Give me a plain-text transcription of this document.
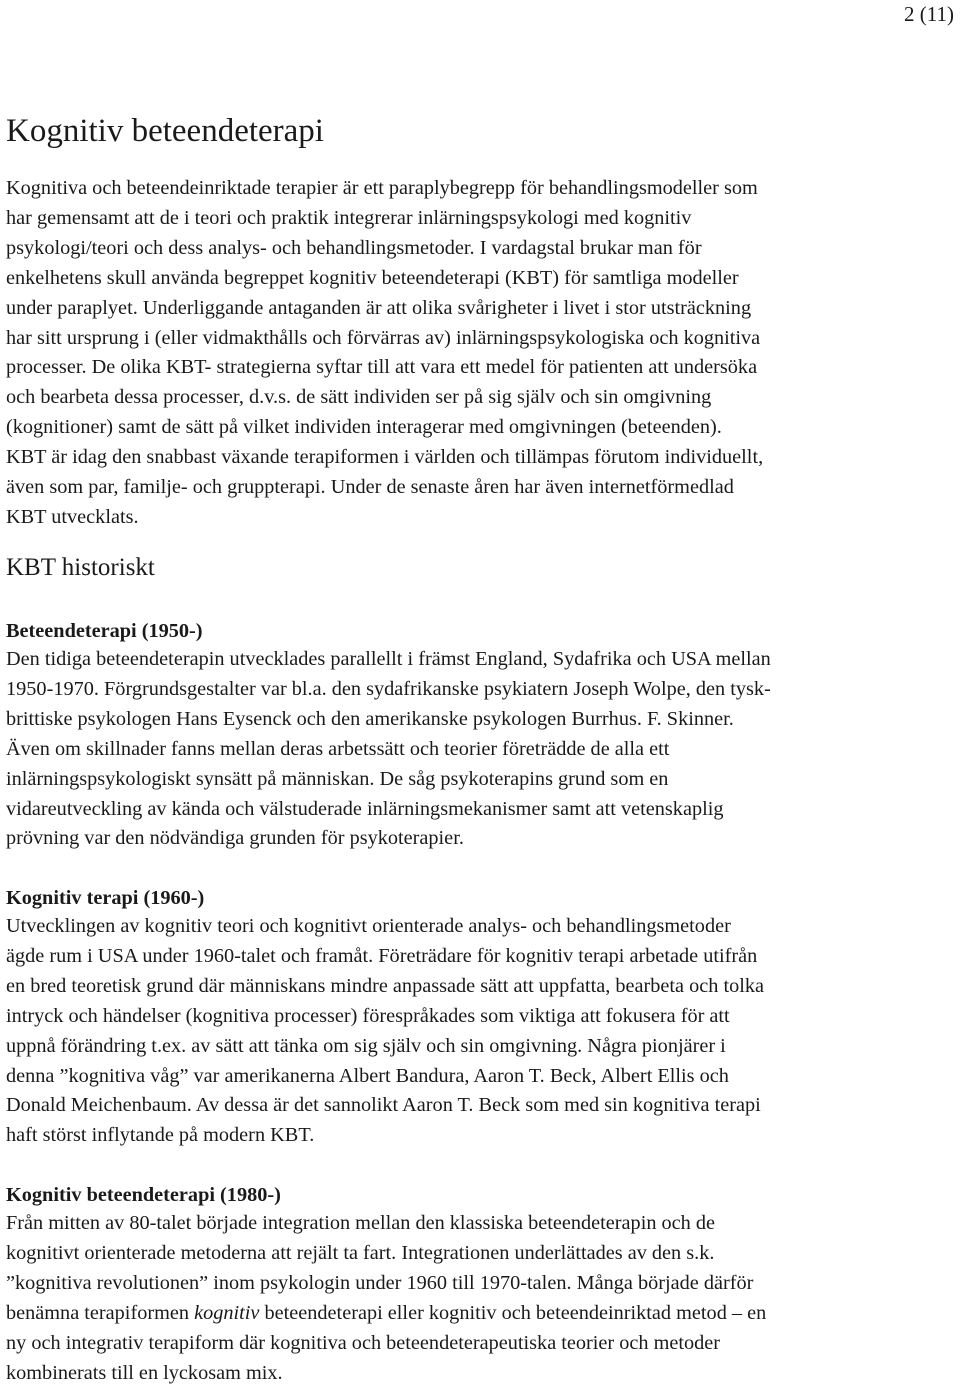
2 (11)
Kognitiv beteendeterapi
Kognitiva och beteendeinriktade terapier är ett paraplybegrepp för behandlingsmodeller som
har gemensamt att de i teori och praktik integrerar inlärningspsykologi med kognitiv
psykologi/teori och dess analys- och behandlingsmetoder. I vardagstal brukar man för
enkelhetens skull använda begreppet kognitiv beteendeterapi (KBT) för samtliga modeller
under paraplyet. Underliggande antaganden är att olika svårigheter i livet i stor utsträckning
har sitt ursprung i (eller vidmakthålls och förvärras av) inlärningspsykologiska och kognitiva
processer. De olika KBT- strategierna syftar till att vara ett medel för patienten att undersöka
och bearbeta dessa processer, d.v.s. de sätt individen ser på sig själv och sin omgivning
(kognitioner) samt de sätt på vilket individen interagerar med omgivningen (beteenden).
KBT är idag den snabbast växande terapiformen i världen och tillämpas förutom individuellt,
även som par, familje- och gruppterapi. Under de senaste åren har även internetförmedlad
KBT utvecklats.
KBT historiskt
Beteendeterapi (1950-)
Den tidiga beteendeterapin utvecklades parallellt i främst England, Sydafrika och USA mellan
1950-1970. Förgrundsgestalter var bl.a. den sydafrikanske psykiatern Joseph Wolpe, den tysk-
brittiske psykologen Hans Eysenck och den amerikanske psykologen Burrhus. F. Skinner.
Även om skillnader fanns mellan deras arbetssätt och teorier företrädde de alla ett
inlärningspsykologiskt synsätt på människan. De såg psykoterapins grund som en
vidareutveckling av kända och välstuderade inlärningsmekanismer samt att vetenskaplig
prövning var den nödvändiga grunden för psykoterapier.
Kognitiv terapi (1960-)
Utvecklingen av kognitiv teori och kognitivt orienterade analys- och behandlingsmetoder
ägde rum i USA under 1960-talet och framåt. Företrädare för kognitiv terapi arbetade utifrån
en bred teoretisk grund där människans mindre anpassade sätt att uppfatta, bearbeta och tolka
intryck och händelser (kognitiva processer) förespråkades som viktiga att fokusera för att
uppnå förändring t.ex. av sätt att tänka om sig själv och sin omgivning. Några pionjärer i
denna ”kognitiva våg” var amerikanerna Albert Bandura, Aaron T. Beck, Albert Ellis och
Donald Meichenbaum. Av dessa är det sannolikt Aaron T. Beck som med sin kognitiva terapi
haft störst inflytande på modern KBT.
Kognitiv beteendeterapi (1980-)
Från mitten av 80-talet började integration mellan den klassiska beteendeterapin och de
kognitivt orienterade metoderna att rejält ta fart. Integrationen underlättades av den s.k.
”kognitiva revolutionen” inom psykologin under 1960 till 1970-talen. Många började därför
benämna terapiformen kognitiv beteendeterapi eller kognitiv och beteendeinriktad metod – en
ny och integrativ terapiform där kognitiva och beteendeterapeutiska teorier och metoder
kombinerats till en lyckosam mix.
